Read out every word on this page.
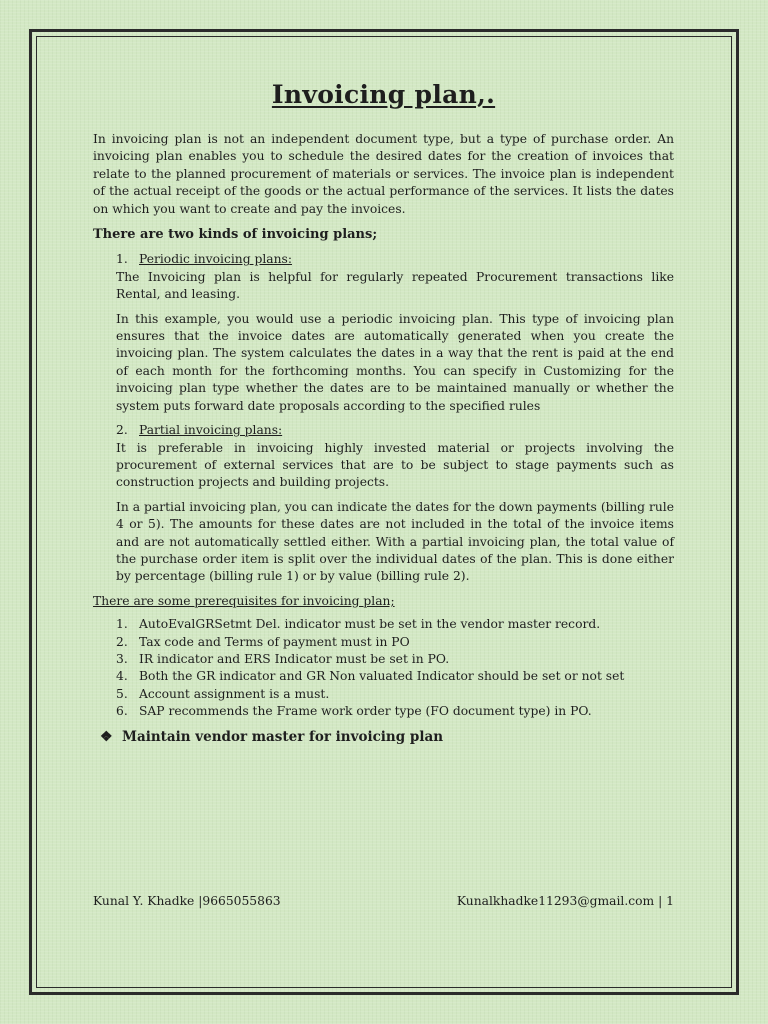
Invoicing plan,.

In invoicing plan is not an independent document type, but a type of purchase order. An invoicing plan enables you to schedule the desired dates for the creation of invoices that relate to the planned procurement of materials or services. The invoice plan is independent of the actual receipt of the goods or the actual performance of the services. It lists the dates on which you want to create and pay the invoices.

There are two kinds of invoicing plans;

1. Periodic invoicing plans:

The Invoicing plan is helpful for regularly repeated Procurement transactions like Rental, and leasing.

In this example, you would use a periodic invoicing plan. This type of invoicing plan ensures that the invoice dates are automatically generated when you create the invoicing plan. The system calculates the dates in a way that the rent is paid at the end of each month for the forthcoming months. You can specify in Customizing for the invoicing plan type whether the dates are to be maintained manually or whether the system puts forward date proposals according to the specified rules

2. Partial invoicing plans:

It is preferable in invoicing highly invested material or projects involving the procurement of external services that are to be subject to stage payments such as construction projects and building projects.

In a partial invoicing plan, you can indicate the dates for the down payments (billing rule 4 or 5). The amounts for these dates are not included in the total of the invoice items and are not automatically settled either. With a partial invoicing plan, the total value of the purchase order item is split over the individual dates of the plan. This is done either by percentage (billing rule 1) or by value (billing rule 2).

There are some prerequisites for invoicing plan;

1. AutoEvalGRSetmt Del. indicator must be set in the vendor master record.
2. Tax code and Terms of payment must in PO
3. IR indicator and ERS Indicator must be set in PO.
4. Both the GR indicator and GR Non valuated Indicator should be set or not set
5. Account assignment is a must.
6. SAP recommends the Frame work order type (FO document type) in PO.
❖ Maintain vendor master for invoicing plan
Kunal Y. Khadke |9665055863	Kunalkhadke11293@gmail.com | 1
